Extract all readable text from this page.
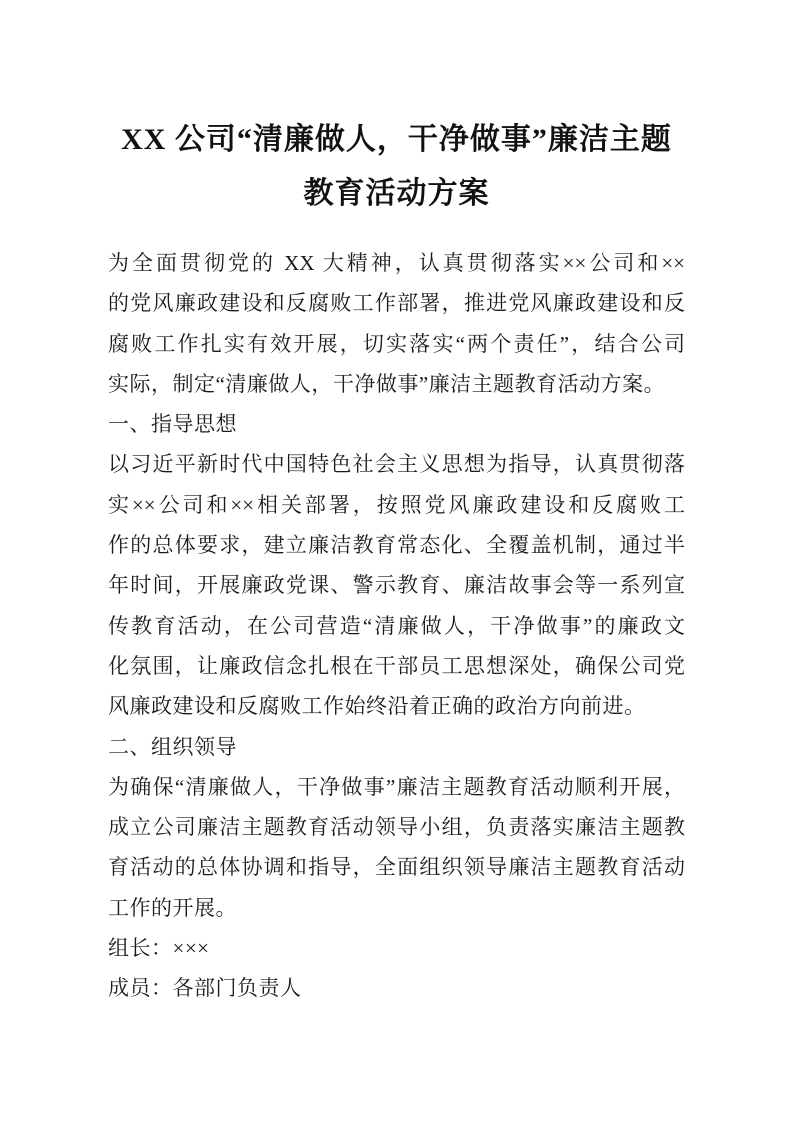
XX 公司“清廉做人，干净做事”廉洁主题
教育活动方案
为全面贯彻党的 XX 大精神，认真贯彻落实××公司和××
的党风廉政建设和反腐败工作部署，推进党风廉政建设和反
腐败工作扎实有效开展，切实落实“两个责任”，结合公司
实际，制定“清廉做人，干净做事”廉洁主题教育活动方案。
一、指导思想
以习近平新时代中国特色社会主义思想为指导，认真贯彻落
实××公司和××相关部署，按照党风廉政建设和反腐败工
作的总体要求，建立廉洁教育常态化、全覆盖机制，通过半
年时间，开展廉政党课、警示教育、廉洁故事会等一系列宣
传教育活动，在公司营造“清廉做人，干净做事”的廉政文
化氛围，让廉政信念扎根在干部员工思想深处，确保公司党
风廉政建设和反腐败工作始终沿着正确的政治方向前进。
二、组织领导
为确保“清廉做人，干净做事”廉洁主题教育活动顺利开展，
成立公司廉洁主题教育活动领导小组，负责落实廉洁主题教
育活动的总体协调和指导，全面组织领导廉洁主题教育活动
工作的开展。
组长：×××
成员：各部门负责人
